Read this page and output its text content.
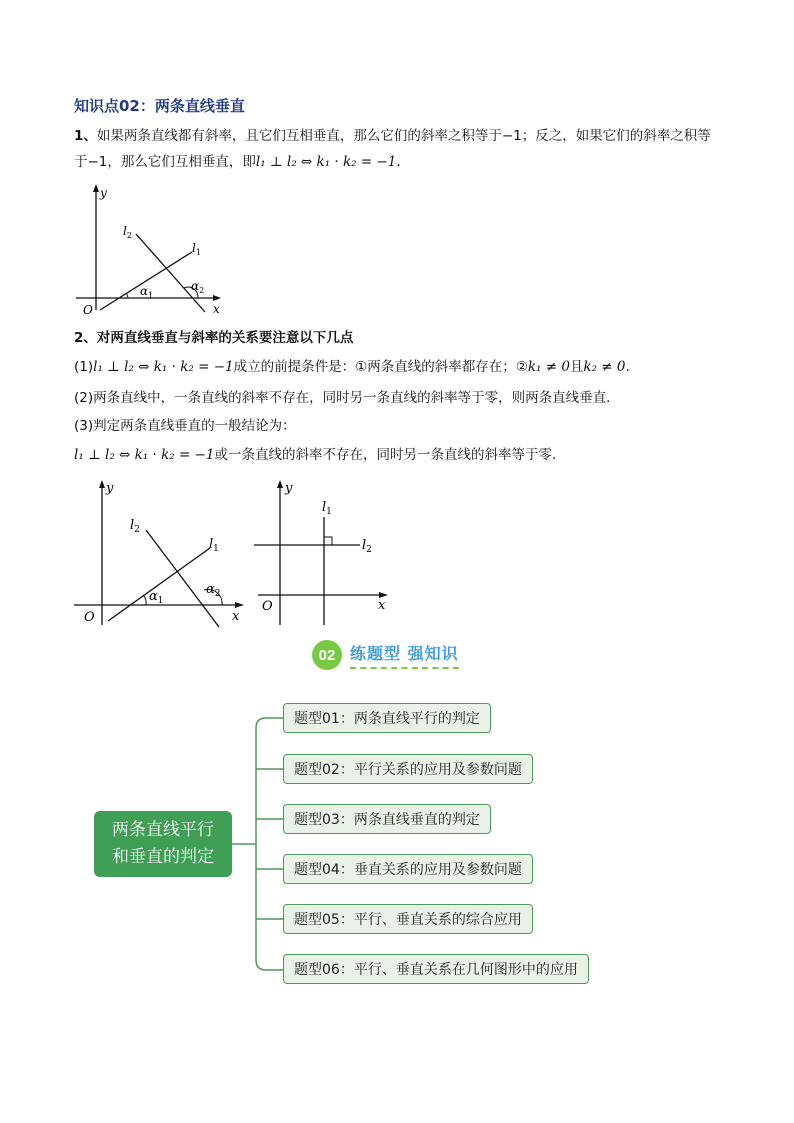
知识点02：两条直线垂直
1、如果两条直线都有斜率，且它们互相垂直，那么它们的斜率之积等于−1；反之，如果它们的斜率之积等
于−1，那么它们互相垂直，即l₁ ⊥ l₂ ⇔ k₁ · k₂ = −1.
y
x
O
$l_2$
$l_1$
$\alpha_1$
$\alpha_2$
2、对两直线垂直与斜率的关系要注意以下几点
(1)l₁ ⊥ l₂ ⇔ k₁ · k₂ = −1成立的前提条件是：①两条直线的斜率都存在；②k₁ ≠ 0且k₂ ≠ 0.
(2)两条直线中，一条直线的斜率不存在，同时另一条直线的斜率等于零，则两条直线垂直．
(3)判定两条直线垂直的一般结论为：
l₁ ⊥ l₂ ⇔ k₁ · k₂ = −1或一条直线的斜率不存在，同时另一条直线的斜率等于零．
y
x
O
$l_2$
$l_1$
$\alpha_1$
$\alpha_2$
y
x
O
$l_1$
$l_2$
02 练题型 强知识
两条直线平行
和垂直的判定
题型01：两条直线平行的判定
题型02：平行关系的应用及参数问题
题型03：两条直线垂直的判定
题型04：垂直关系的应用及参数问题
题型05：平行、垂直关系的综合应用
题型06：平行、垂直关系在几何图形中的应用
